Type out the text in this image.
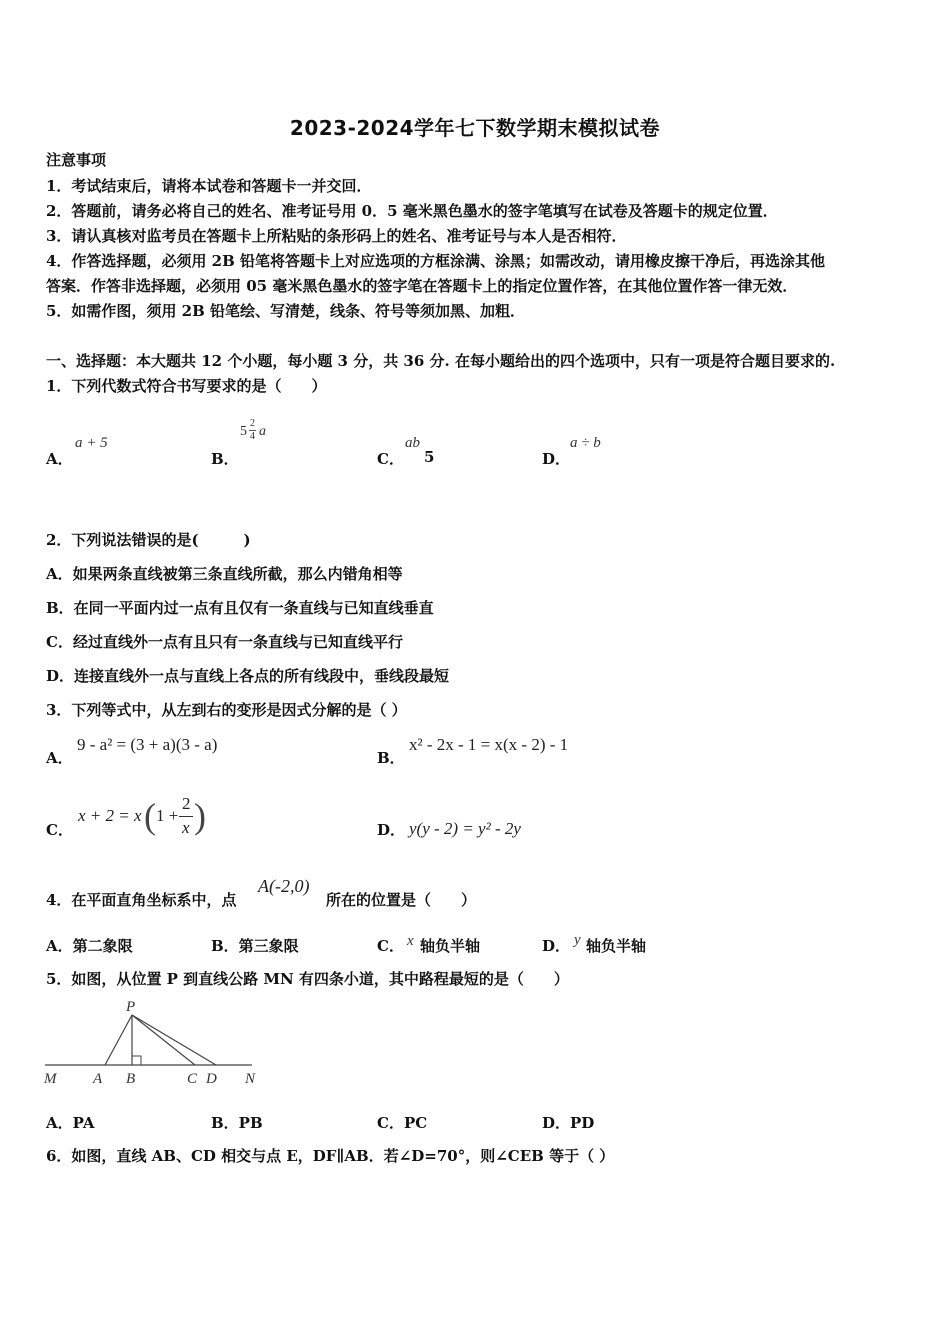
2023-2024学年七下数学期末模拟试卷
注意事项
1．考试结束后，请将本试卷和答题卡一并交回．
2．答题前，请务必将自己的姓名、准考证号用 0．5 毫米黑色墨水的签字笔填写在试卷及答题卡的规定位置．
3．请认真核对监考员在答题卡上所粘贴的条形码上的姓名、准考证号与本人是否相符．
4．作答选择题，必须用 2B 铅笔将答题卡上对应选项的方框涂满、涂黑；如需改动，请用橡皮擦干净后，再选涂其他
答案．作答非选择题，必须用 05 毫米黑色墨水的签字笔在答题卡上的指定位置作答，在其他位置作答一律无效．
5．如需作图，须用 2B 铅笔绘、写清楚，线条、符号等须加黑、加粗．
一、选择题：本大题共 12 个小题，每小题 3 分，共 36 分. 在每小题给出的四个选项中，只有一项是符合题目要求的.
1．下列代数式符合书写要求的是（　　）
A．
a + 5
B．
5
2
4 a
C．
ab
5	D．
a ÷ b
2．下列说法错误的是(　　　)
A．如果两条直线被第三条直线所截，那么内错角相等
B．在同一平面内过一点有且仅有一条直线与已知直线垂直
C．经过直线外一点有且只有一条直线与已知直线平行
D．连接直线外一点与直线上各点的所有线段中，垂线段最短
3．下列等式中，从左到右的变形是因式分解的是（ ）
A．
9 - a² = (3 + a)(3 - a)
B．
x² - 2x - 1 = x(x - 2) - 1
C．
x + 2 = x ( 1 +
2
x )	D． y(y - 2) = y² - 2y
4．在平面直角坐标系中，点
A(-2,0)
所在的位置是（　　）
A．第二象限	B．第三象限	C． x 轴负半轴	D． y 轴负半轴
5．如图，从位置 P 到直线公路 MN 有四条小道，其中路程最短的是（　　）
P
M A B	C D N
A．PA	B．PB	C．PC	D．PD
6．如图，直线 AB、CD 相交与点 E，DF∥AB．若∠D=70°，则∠CEB 等于（ ）
